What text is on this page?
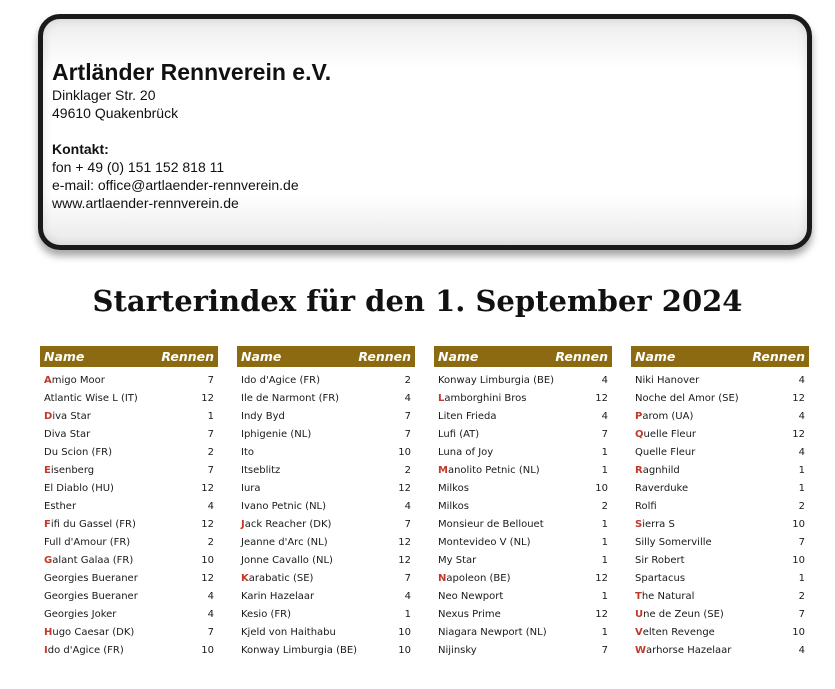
Artländer Rennverein e.V.
Dinklager Str. 20
49610 Quakenbrück
Kontakt:
fon + 49 (0) 151 152 818 11
e-mail: office@artlaender-rennverein.de
www.artlaender-rennverein.de
Starterindex für den 1. September 2024
Name	Rennen
Amigo Moor	7
Atlantic Wise L (IT)	12
Diva Star	1
Diva Star	7
Du Scion (FR)	2
Eisenberg	7
El Diablo (HU)	12
Esther	4
Fifi du Gassel (FR)	12
Full d'Amour (FR)	2
Galant Galaa (FR)	10
Georgies Bueraner	12
Georgies Bueraner	4
Georgies Joker	4
Hugo Caesar (DK)	7
Ido d'Agice (FR)	10
Name	Rennen
Ido d'Agice (FR)	2
Ile de Narmont (FR)	4
Indy Byd	7
Iphigenie (NL)	7
Ito	10
Itseblitz	2
Iura	12
Ivano Petnic (NL)	4
Jack Reacher (DK)	7
Jeanne d'Arc (NL)	12
Jonne Cavallo (NL)	12
Karabatic (SE)	7
Karin Hazelaar	4
Kesio (FR)	1
Kjeld von Haithabu	10
Konway Limburgia (BE)	10
Name	Rennen
Konway Limburgia (BE)	4
Lamborghini Bros	12
Liten Frieda	4
Lufi (AT)	7
Luna of Joy	1
Manolito Petnic (NL)	1
Milkos	10
Milkos	2
Monsieur de Bellouet	1
Montevideo V (NL)	1
My Star	1
Napoleon (BE)	12
Neo Newport	1
Nexus Prime	12
Niagara Newport (NL)	1
Nijinsky	7
Name	Rennen
Niki Hanover	4
Noche del Amor (SE)	12
Parom (UA)	4
Quelle Fleur	12
Quelle Fleur	4
Ragnhild	1
Raverduke	1
Rolfi	2
Sierra S	10
Silly Somerville	7
Sir Robert	10
Spartacus	1
The Natural	2
Une de Zeun (SE)	7
Velten Revenge	10
Warhorse Hazelaar	4
